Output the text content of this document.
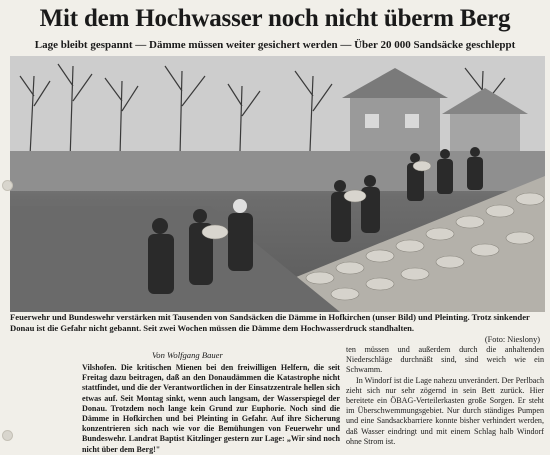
Mit dem Hochwasser noch nicht überm Berg
Lage bleibt gespannt — Dämme müssen weiter gesichert werden — Über 20 000 Sandsäcke geschleppt
Feuerwehr und Bundeswehr verstärken mit Tausenden von Sandsäcken die Dämme in Hofkirchen (unser Bild) und Pleinting. Trotz sinkender Donau ist die Gefahr nicht gebannt. Seit zwei Wochen müssen die Dämme dem Hochwasserdruck standhalten.
(Foto: Nieslony)
Von Wolfgang Bauer

Vilshofen. Die kritischen Mienen bei den freiwilligen Helfern, die seit Freitag dazu beitragen, daß an den Donaudämmen die Katastrophe nicht stattfindet, und die der Verantwortlichen in der Einsatzzentrale hellen sich etwas auf. Seit Montag sinkt, wenn auch langsam, der Wasserspiegel der Donau. Trotzdem noch lange kein Grund zur Euphorie. Noch sind die Dämme in Hofkirchen und bei Pleinting in Gefahr. Auf ihre Sicherung konzentrieren sich nach wie vor die Bemühungen von Feuerwehr und Bundeswehr. Landrat Baptist Kitzlinger gestern zur Lage: „Wir sind noch nicht über dem Berg!"

ten müssen und außerdem durch die anhaltenden Niederschläge durchnäßt sind, sind weich wie ein Schwamm.

In Windorf ist die Lage nahezu unverändert. Der Perlbach zieht sich nur sehr zögernd in sein Bett zurück. Hier bereitete ein ÖBAG-Verteilerkasten große Sorgen. Er steht im Überschwemmungsgebiet. Nur durch ständiges Pumpen und eine Sandsackbarriere konnte bisher verhindert werden, daß Wasser eindringt und mit einem Schlag halb Windorf ohne Strom ist.
